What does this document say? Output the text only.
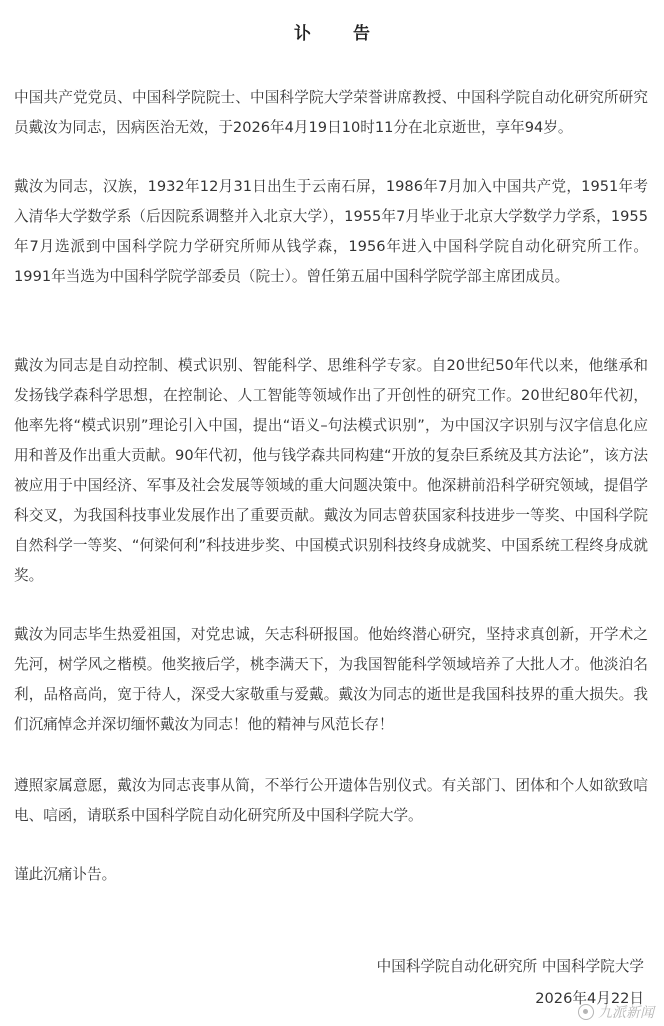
讣 告

中国共产党党员、中国科学院院士、中国科学院大学荣誉讲席教授、中国科学院自动化研究所研究员戴汝为同志，因病医治无效，于2026年4月19日10时11分在北京逝世，享年94岁。

戴汝为同志，汉族，1932年12月31日出生于云南石屏，1986年7月加入中国共产党，1951年考入清华大学数学系（后因院系调整并入北京大学），1955年7月毕业于北京大学数学力学系，1955年7月选派到中国科学院力学研究所师从钱学森，1956年进入中国科学院自动化研究所工作。1991年当选为中国科学院学部委员（院士）。曾任第五届中国科学院学部主席团成员。

戴汝为同志是自动控制、模式识别、智能科学、思维科学专家。自20世纪50年代以来，他继承和发扬钱学森科学思想，在控制论、人工智能等领域作出了开创性的研究工作。20世纪80年代初，他率先将“模式识别”理论引入中国，提出“语义–句法模式识别”，为中国汉字识别与汉字信息化应用和普及作出重大贡献。90年代初，他与钱学森共同构建“开放的复杂巨系统及其方法论”，该方法被应用于中国经济、军事及社会发展等领域的重大问题决策中。他深耕前沿科学研究领域，提倡学科交叉，为我国科技事业发展作出了重要贡献。戴汝为同志曾获国家科技进步一等奖、中国科学院自然科学一等奖、“何梁何利”科技进步奖、中国模式识别科技终身成就奖、中国系统工程终身成就奖。

戴汝为同志毕生热爱祖国，对党忠诚，矢志科研报国。他始终潜心研究，坚持求真创新，开学术之先河，树学风之楷模。他奖掖后学，桃李满天下，为我国智能科学领域培养了大批人才。他淡泊名利，品格高尚，宽于待人，深受大家敬重与爱戴。戴汝为同志的逝世是我国科技界的重大损失。我们沉痛悼念并深切缅怀戴汝为同志！他的精神与风范长存！

遵照家属意愿，戴汝为同志丧事从简，不举行公开遗体告别仪式。有关部门、团体和个人如欲致唁电、唁函，请联系中国科学院自动化研究所及中国科学院大学。

谨此沉痛讣告。

中国科学院自动化研究所 中国科学院大学
2026年4月22日
九派新闻
